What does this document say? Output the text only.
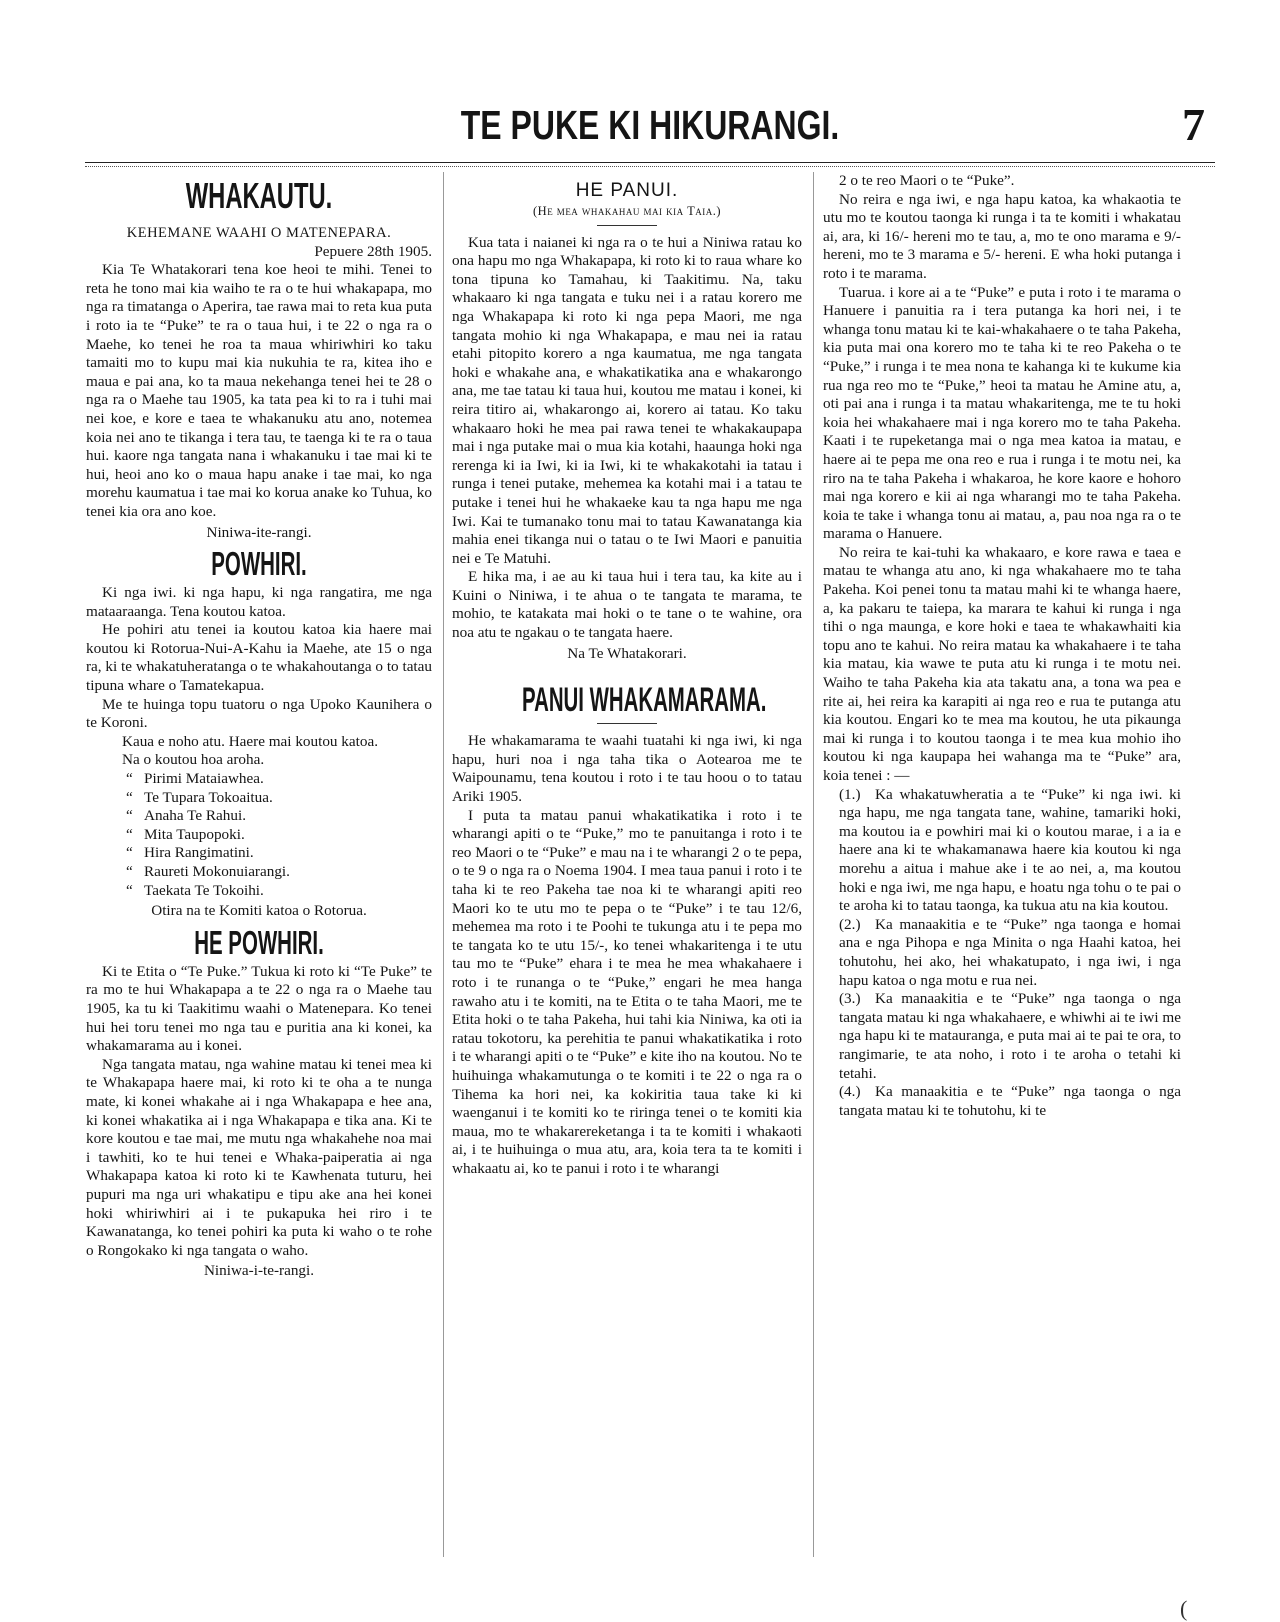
TE PUKE KI HIKURANGI.	7
WHAKAUTU.
KEHEMANE WAAHI O MATENEPARA.
Pepuere 28th 1905.

Kia Te Whatakorari tena koe heoi te mihi. Tenei to reta he tono mai kia waiho te ra o te hui whakapapa, mo nga ra timatanga o Aperira, tae rawa mai to reta kua puta i roto ia te “Puke” te ra o taua hui, i te 22 o nga ra o Maehe, ko tenei he roa ta maua whiriwhiri ko taku tamaiti mo to kupu mai kia nukuhia te ra, kitea iho e maua e pai ana, ko ta maua nekehanga tenei hei te 28 o nga ra o Maehe tau 1905, ka tata pea ki to ra i tuhi mai nei koe, e kore e taea te whakanuku atu ano, notemea koia nei ano te tikanga i tera tau, te taenga ki te ra o taua hui. kaore nga tangata nana i whakanuku i tae mai ki te hui, heoi ano ko o maua hapu anake i tae mai, ko nga morehu kaumatua i tae mai ko korua anake ko Tuhua, ko tenei kia ora ano koe.

Niniwa-ite-rangi.
POWHIRI.

Ki nga iwi. ki nga hapu, ki nga rangatira, me nga mataaraanga. Tena koutou katoa.

He pohiri atu tenei ia koutou katoa kia haere mai koutou ki Rotorua-Nui-A-Kahu ia Maehe, ate 15 o nga ra, ki te whakatuheratanga o te whakahoutanga o to tatau tipuna whare o Tamatekapua.

Me te huinga topu tuatoru o nga Upoko Kaunihera o te Koroni.

Kaua e noho atu. Haere mai koutou katoa.

Na o koutou hoa aroha.

“ Pirimi Mataiawhea.
“ Te Tupara Tokoaitua.
“ Anaha Te Rahui.
“ Mita Taupopoki.
“ Hira Rangimatini.
“ Raureti Mokonuiarangi.
“ Taekata Te Tokoihi.
Otira na te Komiti katoa o Rotorua.
HE POWHIRI.

Ki te Etita o “Te Puke.” Tukua ki roto ki “Te Puke” te ra mo te hui Whakapapa a te 22 o nga ra o Maehe tau 1905, ka tu ki Taakitimu waahi o Matenepara. Ko tenei hui hei toru tenei mo nga tau e puritia ana ki konei, ka whakamarama au i konei.

Nga tangata matau, nga wahine matau ki tenei mea ki te Whakapapa haere mai, ki roto ki te oha a te nunga mate, ki konei whakahe ai i nga Whakapapa e hee ana, ki konei whakatika ai i nga Whakapapa e tika ana. Ki te kore koutou e tae mai, me mutu nga whakahehe noa mai i tawhiti, ko te hui tenei e Whaka-paiperatia ai nga Whakapapa katoa ki roto ki te Kawhenata tuturu, hei pupuri ma nga uri whakatipu e tipu ake ana hei konei hoki whiriwhiri ai i te pukapuka hei riro i te Kawanatanga, ko tenei pohiri ka puta ki waho o te rohe o Rongokako ki nga tangata o waho.

Niniwa-i-te-rangi.
HE PANUI.
(He mea whakahau mai kia Taia.)

Kua tata i naianei ki nga ra o te hui a Niniwa ratau ko ona hapu mo nga Whakapapa, ki roto ki to raua whare ko tona tipuna ko Tamahau, ki Taakitimu. Na, taku whakaaro ki nga tangata e tuku nei i a ratau korero me nga Whakapapa ki roto ki nga pepa Maori, me nga tangata mohio ki nga Whakapapa, e mau nei ia ratau etahi pitopito korero a nga kaumatua, me nga tangata hoki e whakahe ana, e whakatikatika ana e whakarongo ana, me tae tatau ki taua hui, koutou me matau i konei, ki reira titiro ai, whakarongo ai, korero ai tatau. Ko taku whakaaro hoki he mea pai rawa tenei te whakakaupapa mai i nga putake mai o mua kia kotahi, haaunga hoki nga rerenga ki ia Iwi, ki ia Iwi, ki te whakakotahi ia tatau i runga i tenei putake, mehemea ka kotahi mai i a tatau te putake i tenei hui he whakaeke kau ta nga hapu me nga Iwi. Kai te tumanako tonu mai to tatau Kawanatanga kia mahia enei tikanga nui o tatau o te Iwi Maori e panuitia nei e Te Matuhi.

E hika ma, i ae au ki taua hui i tera tau, ka kite au i Kuini o Niniwa, i te ahua o te tangata te marama, te mohio, te katakata mai hoki o te tane o te wahine, ora noa atu te ngakau o te tangata haere.

Na Te Whatakorari.
PANUI WHAKAMARAMA.

He whakamarama te waahi tuatahi ki nga iwi, ki nga hapu, huri noa i nga taha tika o Aotearoa me te Waipounamu, tena koutou i roto i te tau hoou o to tatau Ariki 1905.

I puta ta matau panui whakatikatika i roto i te wharangi apiti o te “Puke,” mo te panuitanga i roto i te reo Maori o te “Puke” e mau na i te wharangi 2 o te pepa, o te 9 o nga ra o Noema 1904. I mea taua panui i roto i te taha ki te reo Pakeha tae noa ki te wharangi apiti reo Maori ko te utu mo te pepa o te “Puke” i te tau 12/6, mehemea ma roto i te Poohi te tukunga atu i te pepa mo te tangata ko te utu 15/-, ko tenei whakaritenga i te utu tau mo te “Puke” ehara i te mea he mea whakahaere i roto i te runanga o te “Puke,” engari he mea hanga rawaho atu i te komiti, na te Etita o te taha Maori, me te Etita hoki o te taha Pakeha, hui tahi kia Niniwa, ka oti ia ratau tokotoru, ka perehitia te panui whakatikatika i roto i te wharangi apiti o te “Puke” e kite iho na koutou. No te huihuinga whakamutunga o te komiti i te 22 o nga ra o Tihema ka hori nei, ka kokiritia taua take ki ki waenganui i te komiti ko te riringa tenei o te komiti kia maua, mo te whakarereketanga i ta te komiti i whakaoti ai, i te huihuinga o mua atu, ara, koia tera ta te komiti i whakaatu ai, ko te panui i roto i te wharangi

2 o te reo Maori o te “Puke”.

No reira e nga iwi, e nga hapu katoa, ka whakaotia te utu mo te koutou taonga ki runga i ta te komiti i whakatau ai, ara, ki 16/- hereni mo te tau, a, mo te ono marama e 9/- hereni, mo te 3 marama e 5/- hereni. E wha hoki putanga i roto i te marama.

Tuarua. i kore ai a te “Puke” e puta i roto i te marama o Hanuere i panuitia ra i tera putanga ka hori nei, i te whanga tonu matau ki te kai-whakahaere o te taha Pakeha, kia puta mai ona korero mo te taha ki te reo Pakeha o te “Puke,” i runga i te mea nona te kahanga ki te kukume kia rua nga reo mo te “Puke,” heoi ta matau he Amine atu, a, oti pai ana i runga i ta matau whakaritenga, me te tu hoki koia hei whakahaere mai i nga korero mo te taha Pakeha. Kaati i te rupeketanga mai o nga mea katoa ia matau, e haere ai te pepa me ona reo e rua i runga i te motu nei, ka riro na te taha Pakeha i whakaroa, he kore kaore e hohoro mai nga korero e kii ai nga wharangi mo te taha Pakeha. koia te take i whanga tonu ai matau, a, pau noa nga ra o te marama o Hanuere.

No reira te kai-tuhi ka whakaaro, e kore rawa e taea e matau te whanga atu ano, ki nga whakahaere mo te taha Pakeha. Koi penei tonu ta matau mahi ki te whanga haere, a, ka pakaru te taiepa, ka marara te kahui ki runga i nga tihi o nga maunga, e kore hoki e taea te whakawhaiti kia topu ano te kahui. No reira matau ka whakahaere i te taha kia matau, kia wawe te puta atu ki runga i te motu nei. Waiho te taha Pakeha kia ata takatu ana, a tona wa pea e rite ai, hei reira ka karapiti ai nga reo e rua te putanga atu kia koutou. Engari ko te mea ma koutou, he uta pikaunga mai ki runga i to koutou taonga i te mea kua mohio iho koutou ki nga kaupapa hei wahanga ma te “Puke” ara, koia tenei : —

(1.) Ka whakatuwheratia a te “Puke” ki nga iwi. ki nga hapu, me nga tangata tane, wahine, tamariki hoki, ma koutou ia e powhiri mai ki o koutou marae, i a ia e haere ana ki te whakamanawa haere kia koutou ki nga morehu a aitua i mahue ake i te ao nei, a, ma koutou hoki e nga iwi, me nga hapu, e hoatu nga tohu o te pai o te aroha ki to tatau taonga, ka tukua atu na kia koutou.

(2.) Ka manaakitia e te “Puke” nga taonga e homai ana e nga Pihopa e nga Minita o nga Haahi katoa, hei tohutohu, hei ako, hei whakatupato, i nga iwi, i nga hapu katoa o nga motu e rua nei.

(3.) Ka manaakitia e te “Puke” nga taonga o nga tangata matau ki nga whakahaere, e whiwhi ai te iwi me nga hapu ki te matauranga, e puta mai ai te pai te ora, to rangimarie, te ata noho, i roto i te aroha o tetahi ki tetahi.

(4.) Ka manaakitia e te “Puke” nga taonga o nga tangata matau ki te tohutohu, ki te

(
